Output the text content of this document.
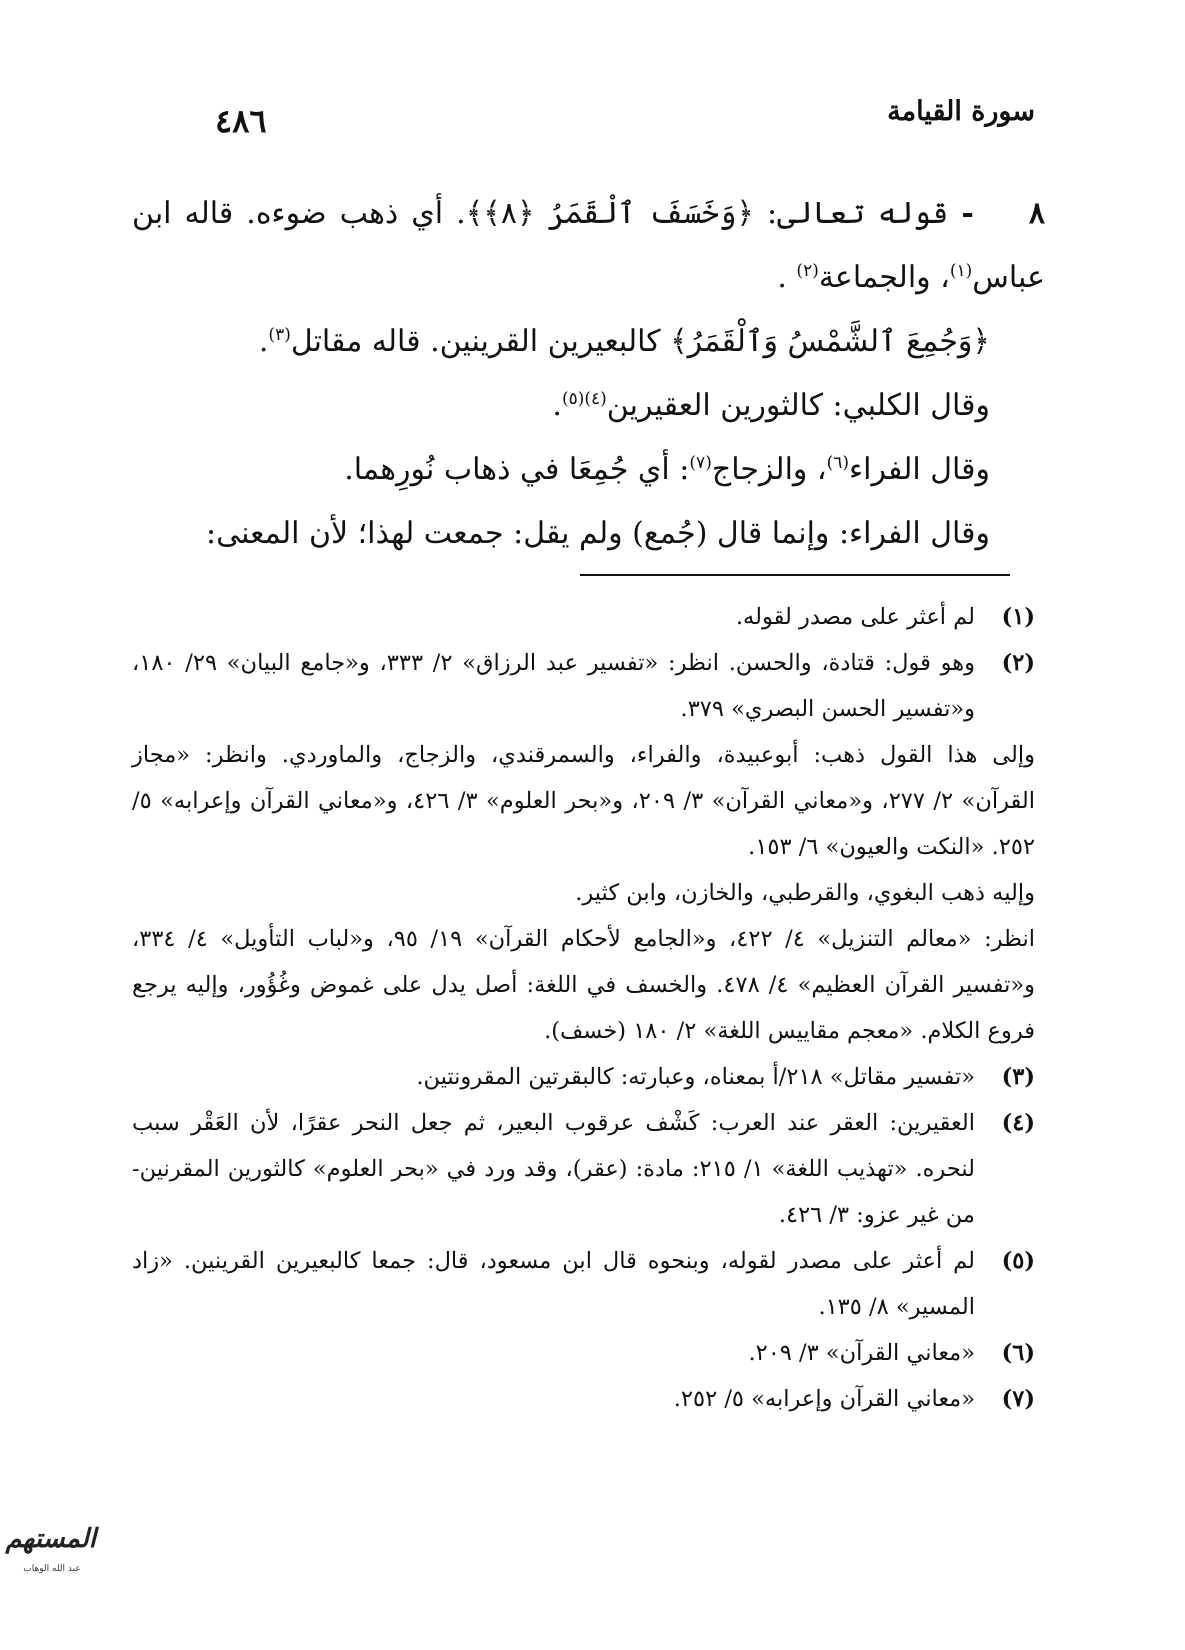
٤٨٦	سورة القيامة

٨- قوله تعالى: ﴿وَخَسَفَ ٱلْقَمَرُ ﴿٨﴾﴾. أي ذهب ضوءه. قاله ابن عباس$^{(١)}$، والجماعة$^{(٢)}$ .

﴿وَجُمِعَ ٱلشَّمْسُ وَٱلْقَمَرُ﴾ كالبعيرين القرينين. قاله مقاتل$^{(٣)}$.

وقال الكلبي: كالثورين العقيرين$^{(٤)(٥)}$.

وقال الفراء$^{(٦)}$، والزجاج$^{(٧)}$: أي جُمِعَا في ذهاب نُورِهما.

وقال الفراء: وإنما قال (جُمع) ولم يقل: جمعت لهذا؛ لأن المعنى:

(١)

لم أعثر على مصدر لقوله.

(٢)

وهو قول: قتادة، والحسن. انظر: «تفسير عبد الرزاق» ٢/ ٣٣٣، و«جامع البيان» ٢٩/ ١٨٠، و«تفسير الحسن البصري» ٣٧٩.

وإلى هذا القول ذهب: أبوعبيدة، والفراء، والسمرقندي، والزجاج، والماوردي. وانظر: «مجاز القرآن» ٢/ ٢٧٧، و«معاني القرآن» ٣/ ٢٠٩، و«بحر العلوم» ٣/ ٤٢٦، و«معاني القرآن وإعرابه» ٥/ ٢٥٢. «النكت والعيون» ٦/ ١٥٣.

وإليه ذهب البغوي، والقرطبي، والخازن، وابن كثير.

انظر: «معالم التنزيل» ٤/ ٤٢٢، و«الجامع لأحكام القرآن» ١٩/ ٩٥، و«لباب التأويل» ٤/ ٣٣٤، و«تفسير القرآن العظيم» ٤/ ٤٧٨. والخسف في اللغة: أصل يدل على غموض وغُؤُور، وإليه يرجع فروع الكلام. «معجم مقاييس اللغة» ٢/ ١٨٠ (خسف).

(٣)

«تفسير مقاتل» ٢١٨/أ بمعناه، وعبارته: كالبقرتين المقرونتين.

(٤)

العقيرين: العقر عند العرب: كَشْف عرقوب البعير، ثم جعل النحر عقرًا، لأن العَقْر سبب لنحره. «تهذيب اللغة» ١/ ٢١٥: مادة: (عقر)، وقد ورد في «بحر العلوم» كالثورين المقرنين- من غير عزو: ٣/ ٤٢٦.

(٥)

لم أعثر على مصدر لقوله، وبنحوه قال ابن مسعود، قال: جمعا كالبعيرين القرينين. «زاد المسير» ٨/ ١٣٥.

(٦)

«معاني القرآن» ٣/ ٢٠٩.

(٧)

«معاني القرآن وإعرابه» ٥/ ٢٥٢.

المستهم
عبد الله الوهاب
